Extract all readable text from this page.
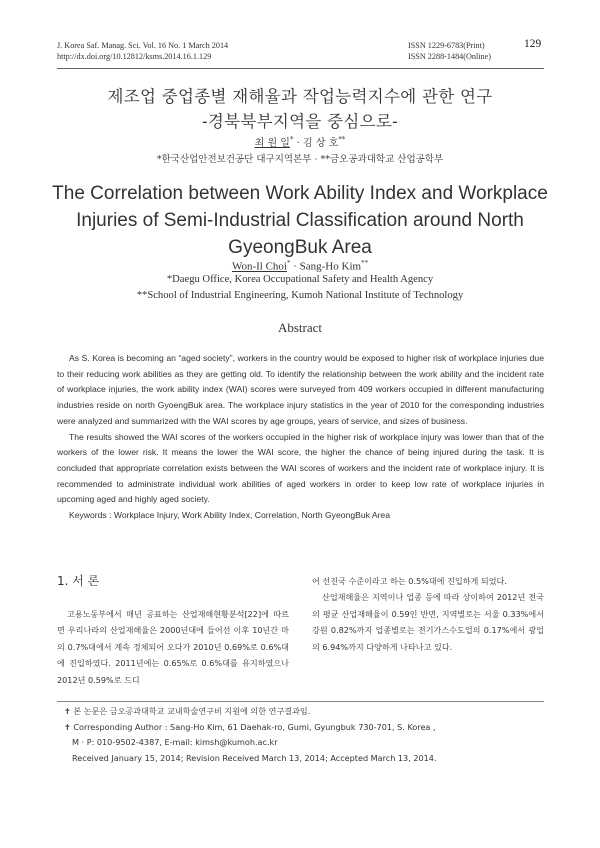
J. Korea Saf. Manag. Sci. Vol. 16 No. 1 March 2014
http://dx.doi.org/10.12812/ksms.2014.16.1.129
ISSN 1229-6783(Print)
ISSN 2288-1484(Online)
129
제조업 중업종별 재해율과 작업능력지수에 관한 연구
-경북북부지역을 중심으로-
최 원 일* · 김 상 호**
*한국산업안전보건공단 대구지역본부 · **금오공과대학교 산업공학부
The Correlation between Work Ability Index and Workplace
Injuries of Semi-Industrial Classification around North
GyeongBuk Area
Won-Il Choi* · Sang-Ho Kim**
*Daegu Office, Korea Occupational Safety and Health Agency
**School of Industrial Engineering, Kumoh National Institute of Technology
Abstract

As S. Korea is becoming an “aged society”, workers in the country would be exposed to higher risk of workplace injuries due to their reducing work abilities as they are getting old. To identify the relationship between the work ability and the incident rate of workplace injuries, the work ability index (WAI) scores were surveyed from 409 workers occupied in different manufacturing industries reside on north GyoengBuk area. The workplace injury statistics in the year of 2010 for the corresponding industries were analyzed and summarized with the WAI scores by age groups, years of service, and sizes of business.

The results showed the WAI scores of the workers occupied in the higher risk of workplace injury was lower than that of the workers of the lower risk. It means the lower the WAI score, the higher the chance of being injured during the task. It is concluded that appropriate correlation exists between the WAI scores of workers and the incident rate of workplace injury. It is recommended to administrate individual work abilities of aged workers in order to keep low rate of workplace injuries in upcoming aged and highly aged society.

Keywords : Workplace Injury, Work Ability Index, Correlation, North GyeongBuk Area

1. 서 론

고용노동부에서 매년 공표하는 산업재해현황분석[22]에 따르면 우리나라의 산업재해율은 2000년대에 들어선 이후 10년간 마의 0.7%대에서 계속 정체되어 오다가 2010년 0.69%로 0.6%대에 진입하였다. 2011년에는 0.65%로 0.6%대를 유지하였으나 2012년 0.59%로 드디

어 선진국 수준이라고 하는 0.5%대에 진입하게 되었다.

산업재해율은 지역이나 업종 등에 따라 상이하여 2012년 전국의 평균 산업재해율이 0.59인 반면, 지역별로는 서울 0.33%에서 강원 0.82%까지 업종별로는 전기가스수도업의 0.17%에서 광업의 6.94%까지 다양하게 나타나고 있다.

✝ 본 논문은 금오공과대학교 교내학술연구비 지원에 의한 연구결과임.
✝ Corresponding Author : Sang-Ho Kim, 61 Daehak-ro, Gumi, Gyungbuk 730-701, S. Korea ,
M · P: 010-9502-4387, E-mail: kimsh@kumoh.ac.kr
Received January 15, 2014; Revision Received March 13, 2014; Accepted March 13, 2014.
